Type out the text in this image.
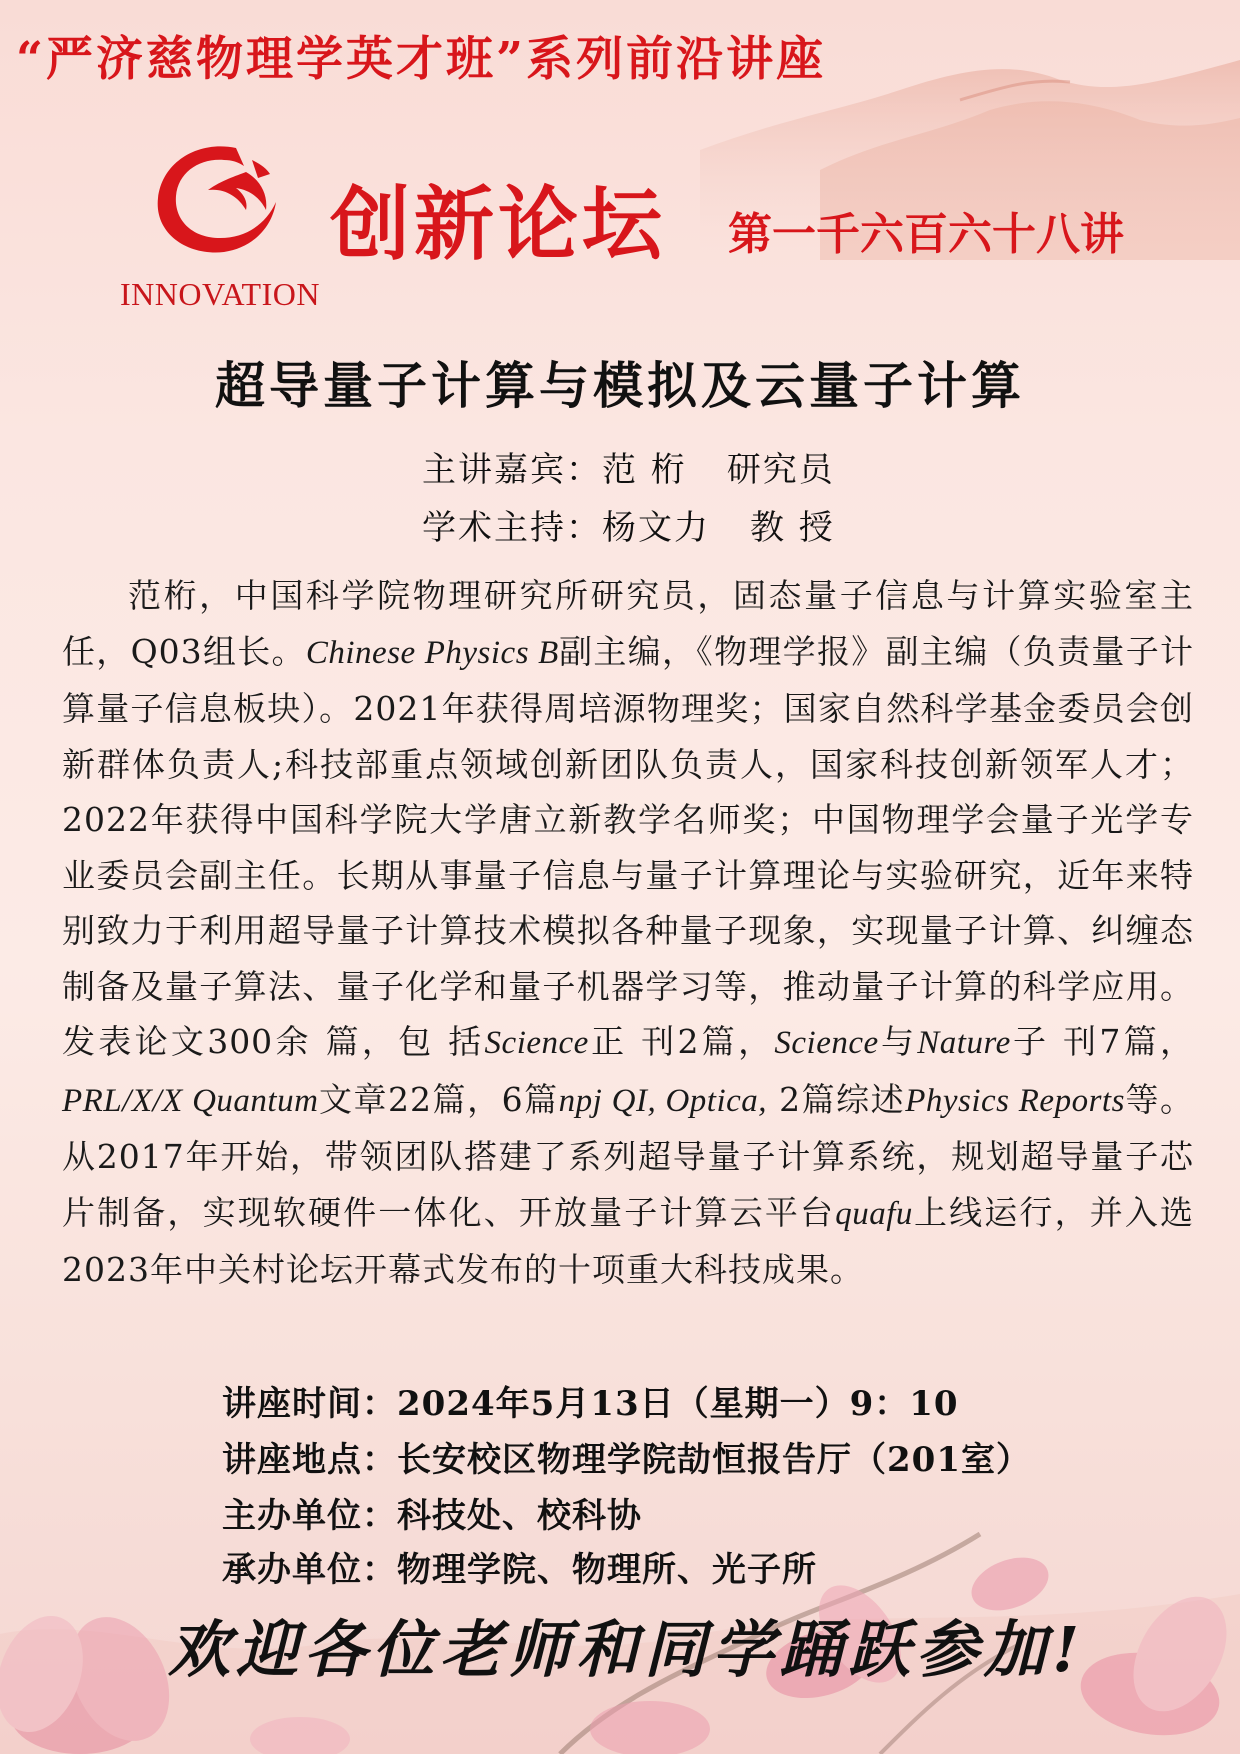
“严济慈物理学英才班”系列前沿讲座
INNOVATION
创新论坛 第一千六百六十八讲
超导量子计算与模拟及云量子计算
主讲嘉宾：范 桁 研究员
学术主持：杨文力 教 授

范桁，中国科学院物理研究所研究员，固态量子信息与计算实验室主任，Q03组长。Chinese Physics B副主编，《物理学报》副主编（负责量子计算量子信息板块）。2021年获得周培源物理奖；国家自然科学基金委员会创新群体负责人;科技部重点领域创新团队负责人，国家科技创新领军人才；2022年获得中国科学院大学唐立新教学名师奖；中国物理学会量子光学专业委员会副主任。长期从事量子信息与量子计算理论与实验研究，近年来特别致力于利用超导量子计算技术模拟各种量子现象，实现量子计算、纠缠态制备及量子算法、量子化学和量子机器学习等，推动量子计算的科学应用。发表论文300余 篇，包 括Science正 刊2篇，Science与Nature子 刊7篇，PRL/X/X Quantum文章22篇，6篇npj QI, Optica, 2篇综述Physics Reports等。从2017年开始，带领团队搭建了系列超导量子计算系统，规划超导量子芯片制备，实现软硬件一体化、开放量子计算云平台quafu上线运行，并入选2023年中关村论坛开幕式发布的十项重大科技成果。

讲座时间：2024年5月13日（星期一）9：10
讲座地点：长安校区物理学院劼恒报告厅（201室）
主办单位：科技处、校科协
承办单位：物理学院、物理所、光子所
欢迎各位老师和同学踊跃参加!
